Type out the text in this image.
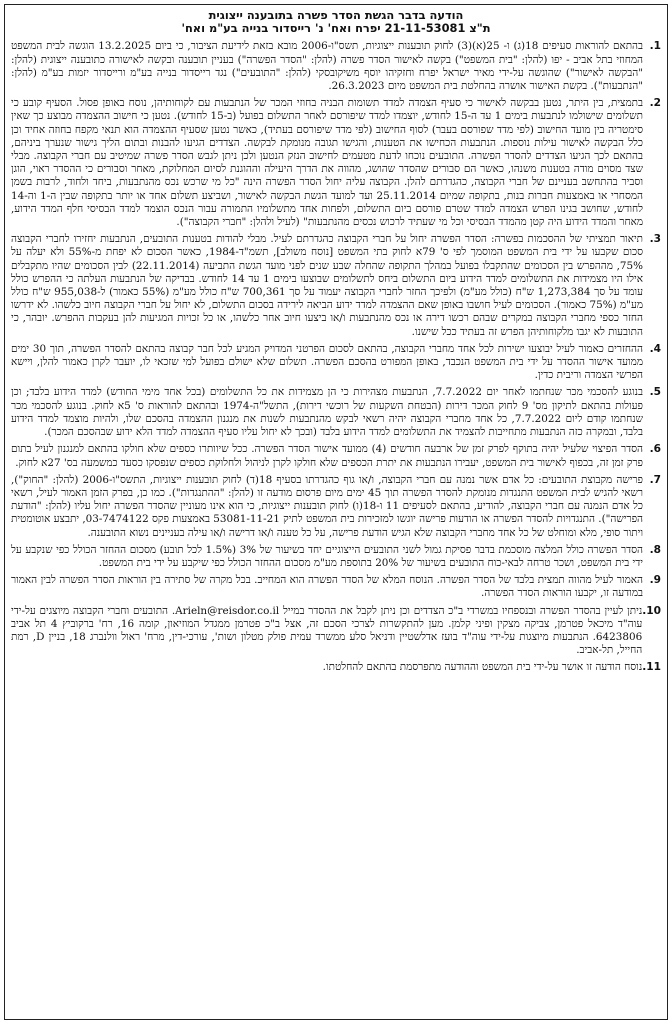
הודעה בדבר הגשת הסדר פשרה בתובענה ייצוגית
ת"צ 21-11-53081 יפרח ואח' נ' רייסדור בנייה בע"מ ואח'
1.

בהתאם להוראות סעיפים 18(ג) ו- 25(א)(3) לחוק תובענות ייצוגיות, תשס"ו-2006 מובא בזאת לידיעת הציבור, כי ביום 13.2.2025 הוגשה לבית המשפט המחוזי בתל אביב - יפו (להלן: "בית המשפט") בקשה לאישור הסדר פשרה (להלן: "הסדר הפשרה") בעניין תובענה ובקשה לאישורה כתובענה ייצוגית (להלן: "הבקשה לאישור") שהוגשה על-ידי מאיר ישראל יפרח וחזקיהו יוסף משיקובסקי (להלן: "התובעים") נגד רייסדור בנייה בע"מ ורייסדור יזמות בע"מ (להלן: "הנתבעות"). בקשת האישור אושרה בהחלטת בית המשפט מיום 26.3.2023.

2.

בתמצית, בין היתר, נטען בבקשה לאישור כי סעיף הצמדה למדד תשומות הבניה בחוזי המכר של הנתבעות עם לקוחותיהן, נוסח באופן פסול. הסעיף קובע כי תשלומים שישולמו לנתבעות בימים 1 עד ה-15 לחודש, יוצמדו למדד שיפורסם לאחר התשלום בפועל (ב-15 לחודש). נטען כי חישוב ההצמדה מבוצע כך שאין סימטריה בין מועד החישוב (לפי מדד שפורסם בעבר) לסוף החישוב (לפי מדד שיפורסם בעתיד), כאשר נטען שסעיף ההצמדה הוא תנאי מקפח בחוזה אחיד וכן כלל הבקשה לאישור עילות נוספות. הנתבעות הכחישו את הטענות, והגישו תגובה מנומקת לבקשה. הצדדים הגיעו להבנות ובתום הליך גישור שנערך ביניהם, בהתאם לכך הגיעו הצדדים להסדר הפשרה. התובעים נוכחו לדעת מטעמים לחישוב הנזק הנטען ולכן ניתן לגבש הסדר פשרה שמיטיב עם חברי הקבוצה. מבלי שצד מסוים מודה בטענות משנהו, כאשר הם סבורים שהסדר שהושג, מהווה את הדרך היעילה וההוגנת לסיום המחלוקת, מאחר וסבורים כי ההסדר ראוי, הוגן וסביר בהתחשב בעניינם של חברי הקבוצה, כהגדרתם להלן. הקבוצה עליה יחול הסדר הפשרה הינה "כל מי שרכש נכס מהנתבעות, ביחד ולחוד, לרבות בשמן המסחרי או באמצעות חברות בנות, בתקופה שמיום 25.11.2014 ועד למועד הגשת הבקשה לאישור, ושביצע תשלום אחד או יותר בתקופה שבין ה-1 וה-14 לחודש, שחושב בגינו הפרש הצמדה למדד שטרם פורסם ביום התשלום, ולפחות אחד מתשלומיו התמורה עבור הנכס הוצמד למדד הבסיסי חלף המדד הידוע, מאחר והמדד הידוע היה קטן מהמדד הבסיסי וכל מי שעתיד לרכוש נכסים מהנתבעות" (לעיל ולהלן: "חברי הקבוצה").

3.

תיאור תמציתי של ההסכמות בפשרה: הסדר הפשרה יחול על חברי הקבוצה כהגדרתם לעיל. מבלי להודות בטענות התובעים, הנתבעות יחזירו לחברי הקבוצה סכום שקבעו על ידי בית המשפט המוסמך לפי ס' 79א לחוק בתי המשפט [נוסח משולב], תשמ"ד-1984, כאשר הסכום לא יפחת מ-55% ולא יעלה על 75%, מההפרש בין הסכומים שהתקבלו בפועל במהלך התקופה שהחלה שבע שנים לפני מועד הגשת התביעה (22.11.2014) לבין הסכומים שהיו מתקבלים אילו היו מצמידות את התשלומים למדד הידוע ביום התשלום ביחס לתשלומים שבוצעו בימים 1 עד 14 לחודש. בבדיקה של הנתבעות העלתה כי ההפרש כולל עומד על סך 1,273,384 ש"ח (כולל מע"מ) ולפיכך החזר לחברי הקבוצה יעמוד על סך 700,361 ש"ח כולל מע"מ (55% כאמור) ל-955,038 ש"ח כולל מע"מ (75% כאמור). הסכומים לעיל חושבו באופן שאם ההצמדה למדד ידוע הביאה לירידה בסכום התשלום, לא יחול על חברי הקבוצה חיוב כלשהו. לא ידרשו החזר כספי מחברי הקבוצה במקרים שבהם רכשו דירה או נכס מהנתבעות ו/או ביצעו חיוב אחר כלשהו, או כל זכויות המגיעות להן בעקבות ההפרש. יובהר, כי התובעות לא יגבו מלקוחותיהן הפרש זה בעתיד ככל שישנו.

4.

ההחזרים כאמור לעיל יבוצעו ישירות לכל אחד מחברי הקבוצה, בהתאם לסכום הפרטני המדויק המגיע לכל חבר קבוצה בהתאם להסדר הפשרה, תוך 30 ימים ממועד אישור ההסדר על ידי בית המשפט הנכבד, באופן המפורט בהסכם הפשרה. תשלום שלא ישולם בפועל למי שזכאי לו, יועבר לקרן כאמור להלן, ויישא הפרשי הצמדה וריבית כדין.

5.

בנוגע להסכמי מכר שנחתמו לאחר יום 7.7.2022, הנתבעות מצהירות כי הן מצמידות את כל התשלומים (בכל אחד מימי החודש) למדד הידוע בלבד; וכן פעולות בהתאם לתיקון מס' 9 לחוק המכר דירות (הבטחת השקעות של רוכשי דירות), התשל"ה-1974 ובהתאם להוראות ס' 5א לחוק. בנוגע להסכמי מכר שנחתמו קודם ליום 7.7.2022, כל אחד מחברי הקבוצה יהיה רשאי לבקש מהנתבעות לשנות את מנגנון ההצמדה בהסכם שלו, ולהיות מוצמד למדד הידוע בלבד, ובמקרה כזה הנתבעות מתחייבות להצמיד את התשלומים למדד הידוע בלבד (ובכך לא יחול עליו סעיף ההצמדה למדד הלא ידוע שבהסכם המכר).

6.

הסדר הפיצוי שלעיל יהיה בתוקף לפרק זמן של ארבעה חודשים (4) ממועד אישור הסדר הפשרה. ככל שיוותרו כספים שלא חולקו בהתאם למנגנון לעיל בתום פרק זמן זה, בכפוף לאישור בית המשפט, יעבירו הנתבעות את יתרת הכספים שלא חולקו לקרן לניהול ולחלוקת כספים שנפסקו כסעד כמשמעה בס' 27א לחוק.

7.

פרישה מקבוצת התובעים: כל אדם אשר נמנה עם חברי הקבוצה, ו/או גוף כהגדרתו בסעיף 18(ד) לחוק תובענות ייצוגיות, התשס"ו-2006 (להלן: "החוק"), רשאי להגיש לבית המשפט התנגדות מנומקת להסדר הפשרה תוך 45 ימים מיום פרסום מודעה זו (להלן: "ההתנגדות"). כמו כן, בפרק הזמן האמור לעיל, רשאי כל אדם הנמנה עם חברי הקבוצה, להודיע, בהתאם לסעיפים 11 ו-18(ו) לחוק תובענות ייצוגיות, כי הוא אינו מעוניין שהסדר הפשרה יחול עליו (להלן: "הודעת הפרישה"). התנגדויות להסדר הפשרה או הודעות פרישה יוגשו למזכירות בית המשפט לתיק 53081-11-21 באמצעות פקס 03-7474122, יתבצע אוטומטית ויתור סופי, מלא ומוחלט של כל אחד מחברי הקבוצה שלא הגיש הודעת פרישה, על כל טענה ו/או דרישה ו/או עילה בעניינים נשוא התובענה.

8.

הסדר הפשרה כולל המלצה מוסכמת בדבר פסיקת גמול לשני התובעים הייצוגיים יחד בשיעור של 3% (1.5% לכל תובע) מסכום ההחזר הכולל כפי שנקבע על ידי בית המשפט, ושכר טרחה לבאי-כוח התובעים בשיעור של 20% בתוספת מע"מ מסכום ההחזר הכולל כפי שיקבע על ידי בית המשפט.

9.

האמור לעיל מהווה תמצית בלבד של הסדר הפשרה. הנוסח המלא של הסדר הפשרה הוא המחייב. בכל מקרה של סתירה בין הוראות הסדר הפשרה לבין האמור במודעה זו, יקבעו הוראות הסדר הפשרה.

10.

ניתן לעיין בהסדר הפשרה ובנספחיו במשרדי ב"כ הצדדים וכן ניתן לקבל את ההסדר במייל Arieln@reisdor.co.il. התובעים וחברי הקבוצה מיוצגים על-ידי עוה"ד מיכאל פטרמן, צביקה מצקין ופיני קלמן. מען להתקשרות לצרכי הסכם זה, אצל ב"כ פטרמן ממגדל המוזיאון, קומה 16, רח' ברקוביץ 4 תל אביב 6423806. הנתבעות מיוצגות על-ידי עוה"ד בועז אדלשטיין ודניאל סלע ממשרד עמית פולק מטלון ושות', עורכי-דין, מרח' ראול וולנברג 18, בניין D, רמת החייל, תל-אביב.

11.

נוסח הודעה זו אושר על-ידי בית המשפט וההודעה מתפרסמת בהתאם להחלטתו.
